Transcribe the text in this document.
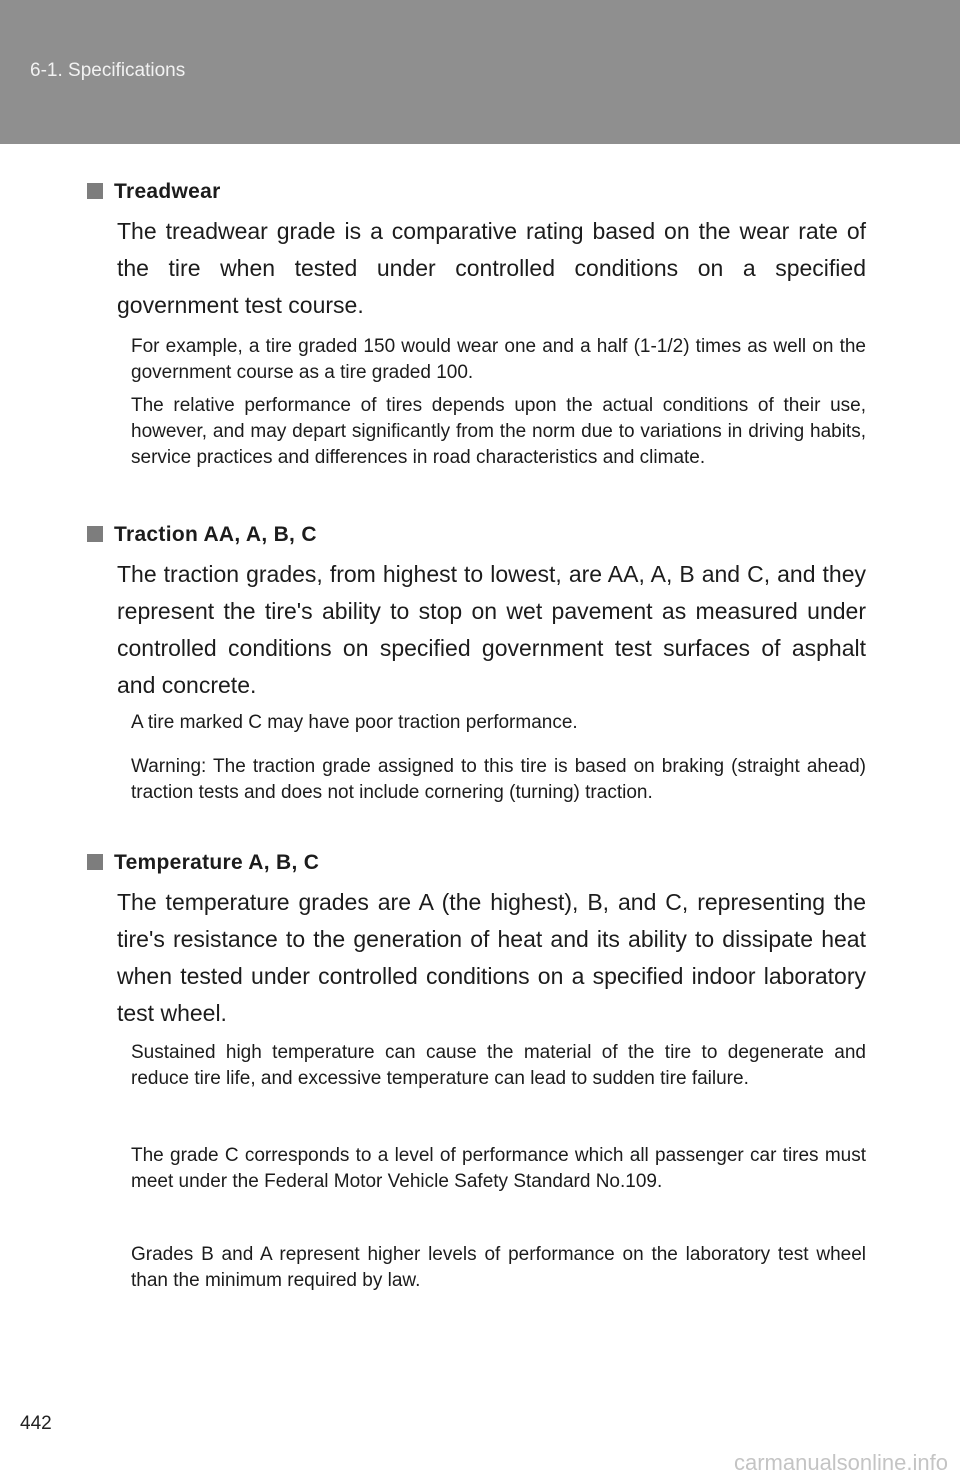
6-1. Specifications
Treadwear
The treadwear grade is a comparative rating based on the wear rate of the tire when tested under controlled conditions on a specified government test course.
For example, a tire graded 150 would wear one and a half (1-1/2) times as well on the government course as a tire graded 100.
The relative performance of tires depends upon the actual conditions of their use, however, and may depart significantly from the norm due to variations in driving habits, service practices and differences in road characteristics and climate.
Traction AA, A, B, C
The traction grades, from highest to lowest, are AA, A, B and C, and they represent the tire's ability to stop on wet pavement as measured under controlled conditions on specified government test surfaces of asphalt and concrete.
A tire marked C may have poor traction performance.
Warning: The traction grade assigned to this tire is based on braking (straight ahead) traction tests and does not include cornering (turning) traction.
Temperature A, B, C
The temperature grades are A (the highest), B, and C, representing the tire's resistance to the generation of heat and its ability to dissipate heat when tested under controlled conditions on a specified indoor laboratory test wheel.
Sustained high temperature can cause the material of the tire to degenerate and reduce tire life, and excessive temperature can lead to sudden tire failure.
The grade C corresponds to a level of performance which all passenger car tires must meet under the Federal Motor Vehicle Safety Standard No.109.
Grades B and A represent higher levels of performance on the laboratory test wheel than the minimum required by law.
442
carmanualsonline.info
